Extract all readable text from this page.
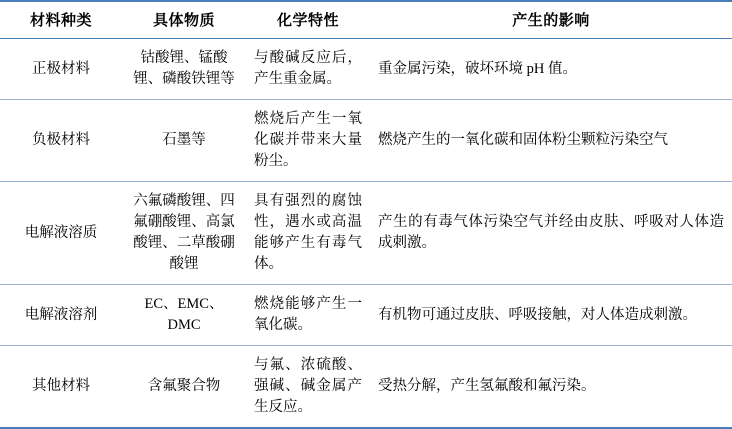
材料种类	具体物质	化学特性	产生的影响
正极材料	钴酸锂、锰酸锂、磷酸铁锂等	与酸碱反应后，产生重金属。	重金属污染，破坏环境 pH 值。
负极材料	石墨等	燃烧后产生一氧化碳并带来大量粉尘。	燃烧产生的一氧化碳和固体粉尘颗粒污染空气
电解液溶质	六氟磷酸锂、四氟硼酸锂、高氯酸锂、二草酸硼酸锂	具有强烈的腐蚀性，遇水或高温能够产生有毒气体。	产生的有毒气体污染空气并经由皮肤、呼吸对人体造成刺激。
电解液溶剂	EC、EMC、DMC	燃烧能够产生一氧化碳。	有机物可通过皮肤、呼吸接触，对人体造成刺激。
其他材料	含氟聚合物	与氟、浓硫酸、强碱、碱金属产生反应。	受热分解，产生氢氟酸和氟污染。
